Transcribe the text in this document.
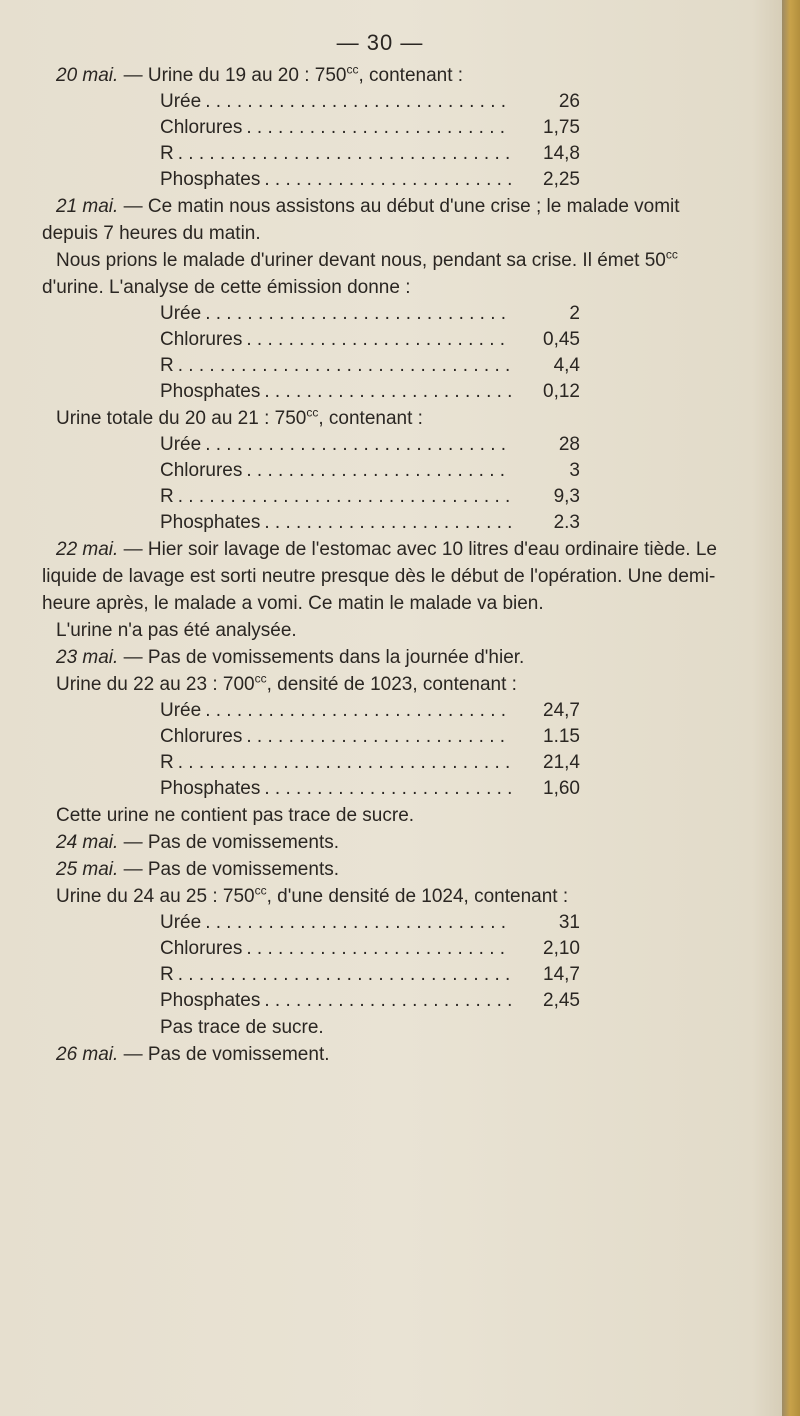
— 30 —

20 mai. — Urine du 19 au 20 : $750^{cc}$, contenant :

Urée . . .	26
Chlorures . . .	1,75
R . . .	14,8
Phosphates . . .	2,25

21 mai. — Ce matin nous assistons au début d'une crise ; le malade vomit depuis 7 heures du matin.

Nous prions le malade d'uriner devant nous, pendant sa crise. Il émet $50^{cc}$ d'urine. L'analyse de cette émission donne :

Urée . . .	2
Chlorures . . .	0,45
R . . .	4,4
Phosphates . . .	0,12

Urine totale du 20 au 21 : $750^{cc}$, contenant :

Urée . . .	28
Chlorures . . .	3
R . . .	9,3
Phosphates . . .	2.3

22 mai. — Hier soir lavage de l'estomac avec 10 litres d'eau ordinaire tiède. Le liquide de lavage est sorti neutre presque dès le début de l'opération. Une demi-heure après, le malade a vomi. Ce matin le malade va bien.

L'urine n'a pas été analysée.

23 mai. — Pas de vomissements dans la journée d'hier.

Urine du 22 au 23 : $700^{cc}$, densité de 1023, contenant :

Urée . . .	24,7
Chlorures . . .	1.15
R . . .	21,4
Phosphates . . .	1,60

Cette urine ne contient pas trace de sucre.

24 mai. — Pas de vomissements.

25 mai. — Pas de vomissements.

Urine du 24 au 25 : $750^{cc}$, d'une densité de 1024, contenant :

Urée . . .	31
Chlorures . . .	2,10
R . . .	14,7
Phosphates . . .	2,45
Pas trace de sucre.

26 mai. — Pas de vomissement.
